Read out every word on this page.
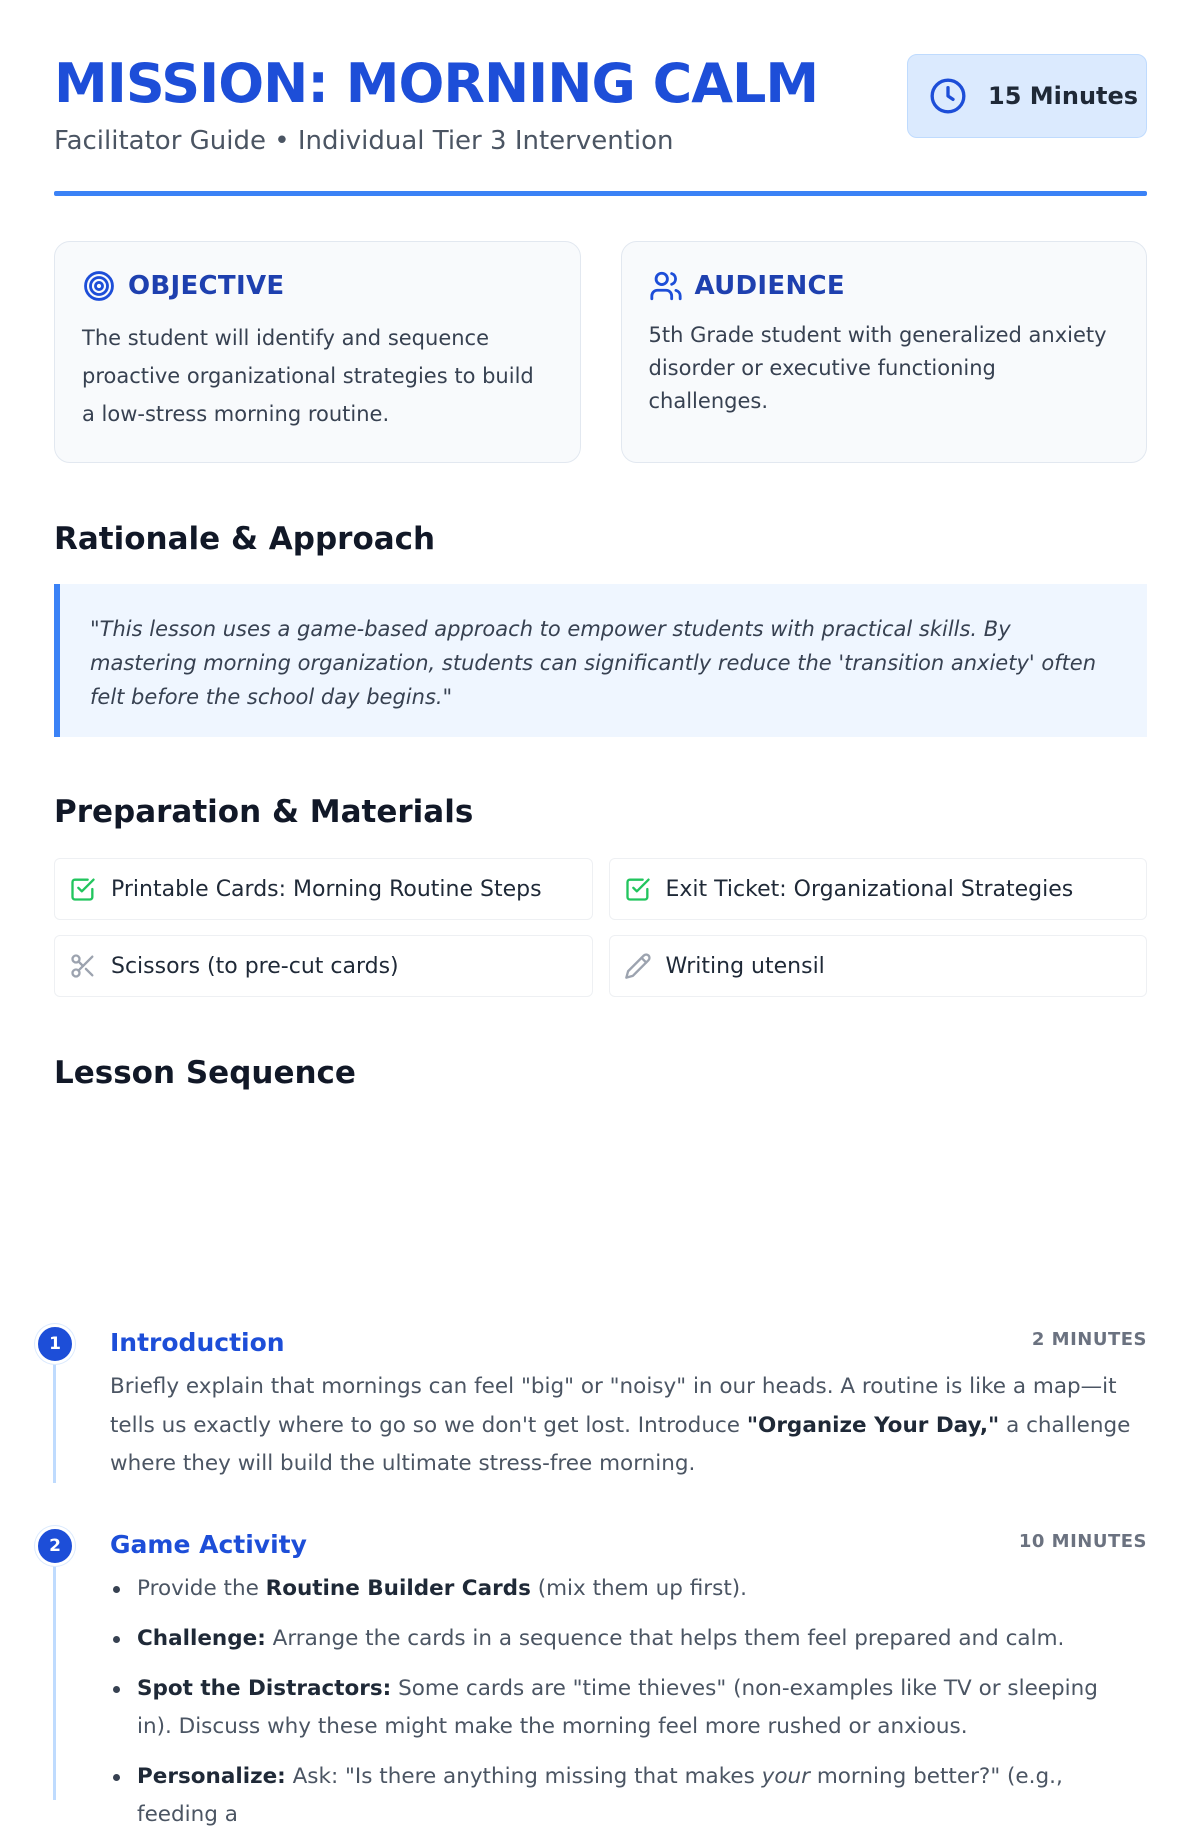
MISSION: MORNING CALM
Facilitator Guide • Individual Tier 3 Intervention
15 Minutes
OBJECTIVE

The student will identify and sequence proactive organizational strategies to build a low-stress morning routine.

AUDIENCE

5th Grade student with generalized anxiety disorder or executive functioning challenges.

Rationale & Approach

"This lesson uses a game-based approach to empower students with practical skills. By mastering morning organization, students can significantly reduce the 'transition anxiety' often felt before the school day begins."

Preparation & Materials
Printable Cards: Morning Routine Steps	Exit Ticket: Organizational Strategies
Scissors (to pre-cut cards)	Writing utensil
Lesson Sequence
1	Introduction	2 MINUTES

Briefly explain that mornings can feel "big" or "noisy" in our heads. A routine is like a map—it tells us exactly where to go so we don't get lost. Introduce "Organize Your Day," a challenge where they will build the ultimate stress-free morning.

2	Game Activity	10 MINUTES
Provide the Routine Builder Cards (mix them up first).
Challenge: Arrange the cards in a sequence that helps them feel prepared and calm.
Spot the Distractors: Some cards are "time thieves" (non-examples like TV or sleeping in). Discuss why these might make the morning feel more rushed or anxious.
Personalize: Ask: "Is there anything missing that makes your morning better?" (e.g., feeding a
